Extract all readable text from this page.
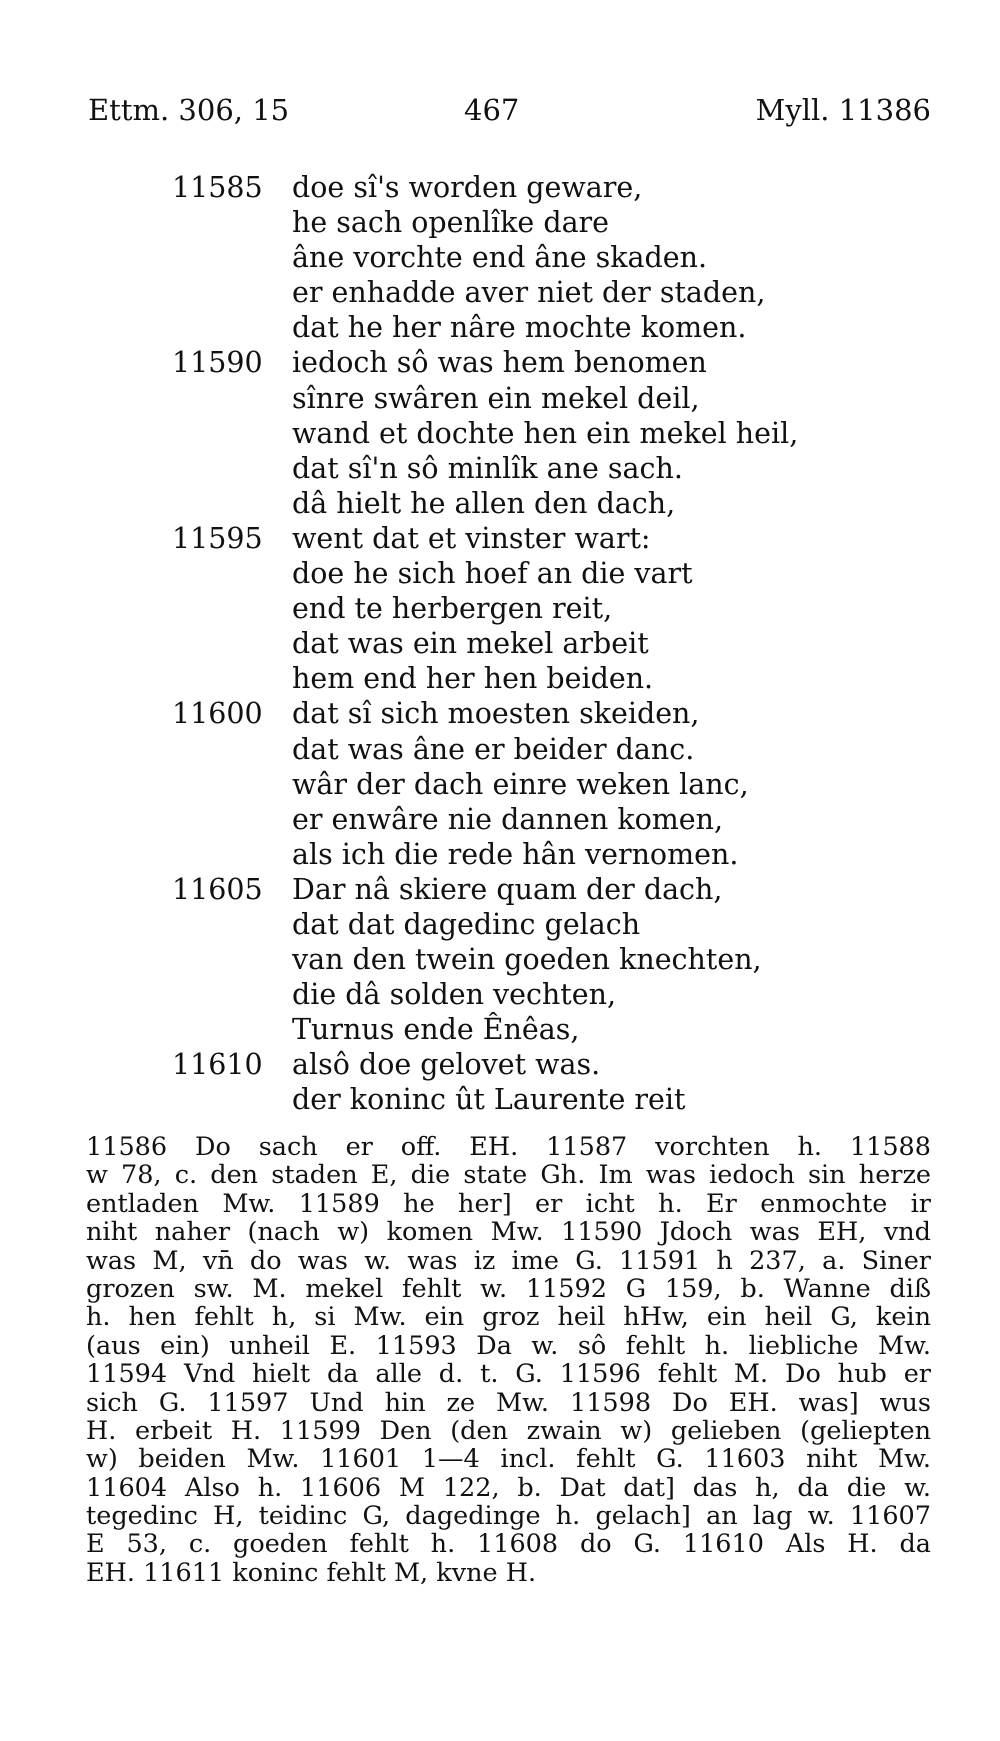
Ettm. 306, 15	467	Myll. 11386
11585	doe sî's worden geware,
he sach openlîke dare
âne vorchte end âne skaden.
er enhadde aver niet der staden,
dat he her nâre mochte komen.
11590	iedoch sô was hem benomen
sînre swâren ein mekel deil,
wand et dochte hen ein mekel heil,
dat sî'n sô minlîk ane sach.
dâ hielt he allen den dach,
11595	went dat et vinster wart:
doe he sich hoef an die vart
end te herbergen reit,
dat was ein mekel arbeit
hem end her hen beiden.
11600	dat sî sich moesten skeiden,
dat was âne er beider danc.
wâr der dach einre weken lanc,
er enwâre nie dannen komen,
als ich die rede hân vernomen.
11605	Dar nâ skiere quam der dach,
dat dat dagedinc gelach
van den twein goeden knechten,
die dâ solden vechten,
Turnus ende Ênêas,
11610	alsô doe gelovet was.
der koninc ût Laurente reit
11586 Do sach er off. EH. 11587 vorchten h. 11588
w 78, c. den staden E, die state Gh. Im was iedoch sin herze
entladen Mw. 11589 he her] er icht h. Er enmochte ir
niht naher (nach w) komen Mw. 11590 Jdoch was EH, vnd
was M, vn̄ do was w. was iz ime G. 11591 h 237, a. Siner
grozen sw. M. mekel fehlt w. 11592 G 159, b. Wanne diß
h. hen fehlt h, si Mw. ein groz heil hHw, ein heil G, kein
(aus ein) unheil E. 11593 Da w. sô fehlt h. liebliche Mw.
11594 Vnd hielt da alle d. t. G. 11596 fehlt M. Do hub er
sich G. 11597 Und hin ze Mw. 11598 Do EH. was] wus
H. erbeit H. 11599 Den (den zwain w) gelieben (geliepten
w) beiden Mw. 11601 1—4 incl. fehlt G. 11603 niht Mw.
11604 Also h. 11606 M 122, b. Dat dat] das h, da die w.
tegedinc H, teidinc G, dagedinge h. gelach] an lag w. 11607
E 53, c. goeden fehlt h. 11608 do G. 11610 Als H. da
EH. 11611 koninc fehlt M, kvne H.
